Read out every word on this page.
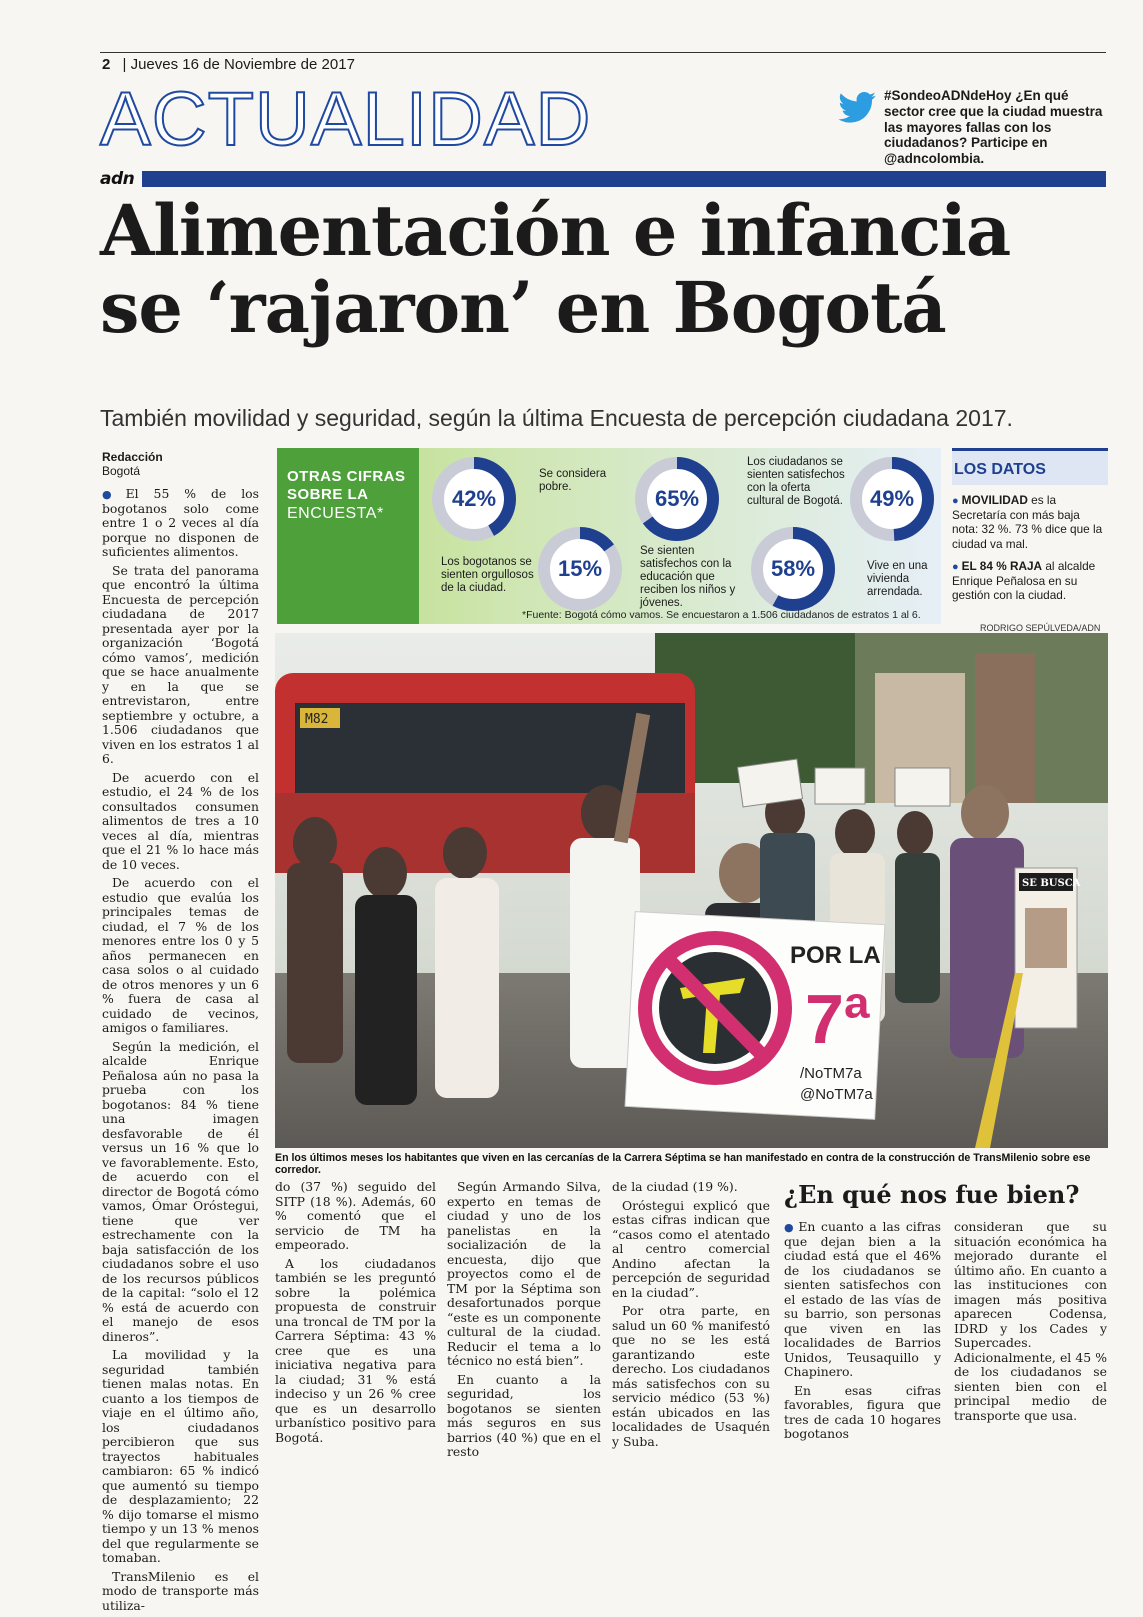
2 | Jueves 16 de Noviembre de 2017
ACTUALIDAD	#SondeoADNdeHoy ¿En qué sector cree que la ciudad muestra las mayores fallas con los ciudadanos? Participe en @adncolombia.
adn
Alimentación e infancia
se ‘rajaron’ en Bogotá
También movilidad y seguridad, según la última Encuesta de percepción ciudadana 2017.
Redacción
Bogotá

● El 55 % de los bogotanos solo come entre 1 o 2 veces al día porque no disponen de suficientes alimentos.

Se trata del panorama que encontró la última Encuesta de percepción ciudadana de 2017 presentada ayer por la organización ‘Bogotá cómo vamos’, medición que se hace anualmente y en la que se entrevistaron, entre septiembre y octubre, a 1.506 ciudadanos que viven en los estratos 1 al 6.

De acuerdo con el estudio, el 24 % de los consultados consumen alimentos de tres a 10 veces al día, mientras que el 21 % lo hace más de 10 veces.

De acuerdo con el estudio que evalúa los principales temas de ciudad, el 7 % de los menores entre los 0 y 5 años permanecen en casa solos o al cuidado de otros menores y un 6 % fuera de casa al cuidado de vecinos, amigos o familiares.

Según la medición, el alcalde Enrique Peñalosa aún no pasa la prueba con los bogotanos: 84 % tiene una imagen desfavorable de él versus un 16 % que lo ve favorablemente. Esto, de acuerdo con el director de Bogotá cómo vamos, Ómar Oróstegui, tiene que ver estrechamente con la baja satisfacción de los ciudadanos sobre el uso de los recursos públicos de la capital: “solo el 12 % está de acuerdo con el manejo de esos dineros”.

La movilidad y la seguridad también tienen malas notas. En cuanto a los tiempos de viaje en el último año, los ciudadanos percibieron que sus trayectos habituales cambiaron: 65 % indicó que aumentó su tiempo de desplazamiento; 22 % dijo tomarse el mismo tiempo y un 13 % menos del que regularmente se tomaban.

TransMilenio es el modo de transporte más utiliza-

OTRAS CIFRAS
SOBRE LA
ENCUESTA*
42%
Los bogotanos se sienten orgullosos de la ciudad.
15%
Se considera pobre.	65%
Se sienten satisfechos con la educación que reciben los niños y jóvenes.
58%
Los ciudadanos se sienten satisfechos con la oferta cultural de Bogotá.	49%
Vive en una vivienda arrendada.
*Fuente: Bogotá cómo vamos. Se encuestaron a 1.506 ciudadanos de estratos 1 al 6.
LOS DATOS

● MOVILIDAD es la Secretaría con más baja nota: 32 %. 73 % dice que la ciudad va mal.

● EL 84 % RAJA al alcalde Enrique Peñalosa en su gestión con la ciudad.

RODRIGO SEPÚLVEDA/ADN
M82
POR LA
7ª
/NoTM7a
@NoTM7a
SE BUSCA
En los últimos meses los habitantes que viven en las cercanías de la Carrera Séptima se han manifestado en contra de la construcción de TransMilenio sobre ese corredor.

do (37 %) seguido del SITP (18 %). Además, 60 % comentó que el servicio de TM ha empeorado.

A los ciudadanos también se les preguntó sobre la polémica propuesta de construir una troncal de TM por la Carrera Séptima: 43 % cree que es una iniciativa negativa para la ciudad; 31 % está indeciso y un 26 % cree que es un desarrollo urbanístico positivo para Bogotá.

Según Armando Silva, experto en temas de ciudad y uno de los panelistas en la socialización de la encuesta, dijo que proyectos como el de TM por la Séptima son desafortunados porque “este es un componente cultural de la ciudad. Reducir el tema a lo técnico no está bien”.

En cuanto a la seguridad, los bogotanos se sienten más seguros en sus barrios (40 %) que en el resto

de la ciudad (19 %).

Oróstegui explicó que estas cifras indican que “casos como el atentado al centro comercial Andino afectan la percepción de seguridad en la ciudad”.

Por otra parte, en salud un 60 % manifestó que no se les está garantizando este derecho. Los ciudadanos más satisfechos con su servicio médico (53 %) están ubicados en las localidades de Usaquén y Suba.

¿En qué nos fue bien?

● En cuanto a las cifras que dejan bien a la ciudad está que el 46% de los ciudadanos se sienten satisfechos con el estado de las vías de su barrio, son personas que viven en las localidades de Barrios Unidos, Teusaquillo y Chapinero.

En esas cifras favorables, figura que tres de cada 10 hogares bogotanos

consideran que su situación económica ha mejorado durante el último año. En cuanto a las instituciones con imagen más positiva aparecen Codensa, IDRD y los Cades y Supercades. Adicionalmente, el 45 % de los ciudadanos se sienten bien con el principal medio de transporte que usa.
